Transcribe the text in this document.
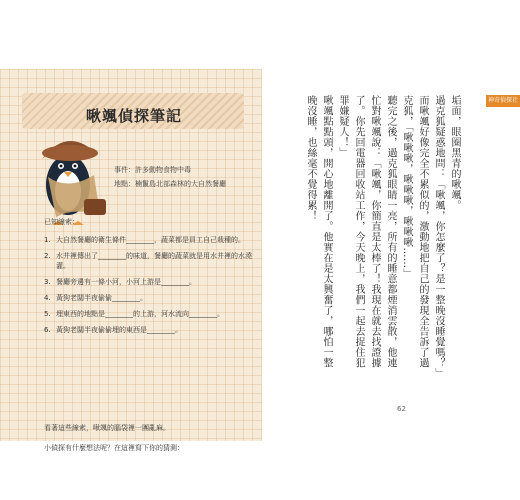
啾颯偵探筆記
事件：許多動物食物中毒
地點：楠鬣島北部森林的大自然餐廳
已知線索：
1. 大自然餐廳的衛生條件________，蔬菜都是員工自己栽種的。
2. 水井裡傳出了________的味道，餐廳的蔬菜就是用水井裡的水澆灌。
3. 餐廳旁邊有一條小河，小河上游是________。
4. 黃狗老闆半夜偷偷________。
5. 埋東西的地點是________的上游，河水流向________。
6. 黃狗老闆半夜偷偷埋的東西是________。
看著這些線索，啾颯的腦袋裡一團亂麻。
小偵探有什麼想法呢？在這裡寫下你的猜測：
神奇偵探社

垢面，眼圈黑青的啾颯。

過克狐疑惑地問：「啾颯，你怎麼了？是一整晚沒睡覺嗎？」

而啾颯好像完全不累似的，激動地把自己的發現全告訴了過克狐，「啾啾啾，啾啾啾，啾啾啾……」

聽完之後，過克狐眼睛一亮，所有的睡意都煙消雲散，他連忙對啾颯說：「啾颯，你簡直是太棒了！我現在就去找證據了。你先回電器回收站工作，今天晚上，我們一起去捉住犯罪嫌疑人！」

啾颯點點頭，開心地離開了。他實在是太興奮了，哪怕一整晚沒睡，也絲毫不覺得累！

62
